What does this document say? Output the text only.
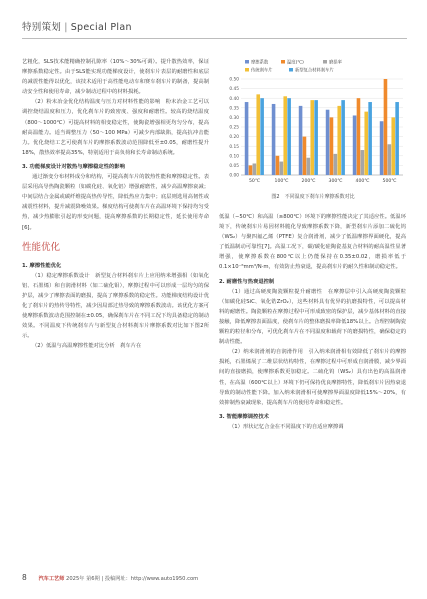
特别策划 | Special Plan

艺粗化，SLS技术能精确控制孔隙率（10%～30%可调）。提升散热效率，保证摩擦系数稳定性。由于SLS能实现功能梯度设计，使刹车片表层的耐磨性和底层的减震性能得以优化，该技术适用于高性能电动车和赛车刹车片的制备，提高制动安全性和使用寿命，减少制动过程中的材料损耗。

（2）粉末冶金优化结构温度与压力对材料性能的影响　粉末冶金工艺可以调控烧结温度和压力，优化刹车片的致密度、强度和耐磨性。较高的烧结温度（800～1000℃）可提高材料的相变稳定性，使陶瓷增强相更均匀分布，提高耐高温能力。适当调整压力（50～100 MPa）可减少内部缺陷，提高抗冲击能力。优化烧结工艺可使刹车片的摩擦系数波动范围降低至±0.05，耐磨性提升18%，散热效率提高35%，特别适用于高负荷和长寿命制动系统。

3. 功能梯度设计对散热与摩擦稳定性的影响

通过渐变分布材料成分和结构，可提高刹车片的散热性能和摩擦稳定性。表层采用高导热陶瓷颗粒（如碳化硅、氧化铝）增强耐磨性，减少高温摩擦衰减；中间层结合金属或碳纤维提高热传导性，降低热应力集中；底层则选用高韧性或减震性材料，提升减震降噪效果。梯度结构可使刹车片在高温环境下保持均匀受热，减少热膨胀引起的形变问题，提高摩擦系数的长期稳定性，延长使用寿命[6]。

性能优化

1. 摩擦性能优化

（1）稳定摩擦系数设计　新型复合材料刹车片上应用纳米增强相（如氧化铝、石墨烯）和自润滑材料（如二硫化钼），摩擦过程中可以形成一层均匀的保护层，减少了摩擦表面的磨损，提高了摩擦系数的稳定性。功能梯度结构设计优化了刹车片的热传导特性，减少因局部过热导致的摩擦系数波动。该优化方案可使摩擦系数波动范围控制在±0.05，确保刹车片在不同工况下均具备稳定的制动效果。不同温度下传统刹车片与新型复合材料刹车片摩擦系数对比如下图2所示。

（2）低温与高温摩擦性能对比分析　刹车片在

0.00
0.05
0.10
0.15
0.20
0.25
0.30
0.35
0.40
0.45
0.50
摩擦系数	温度(℃)	磨损率
传统刹车片	新型复合材料刹车片
50℃	100℃	200℃	300℃	400℃	500℃
图2　不同温度下刹车片摩擦系数对比

低温（−50℃）和高温（≥800℃）环境下的摩擦性能决定了其适应性。低温环境下，传统刹车片易因材料脆化导致摩擦系数下降，新型刹车片添加二硫化钨（WS₂）与聚四氟乙烯（PTFE）复合润滑剂，减少了低温摩擦界面硬化，提高了低温制动可靠性[7]。高温工况下，碳/碳化硅陶瓷基复合材料的耐高温性显著增强，使摩擦系数在800℃以上仍能保持在0.35±0.02，磨损率低于0.1×10⁻⁶mm³/N·m，有效防止热衰退，提高刹车片的耐久性和制动稳定性。

2. 耐磨性与热衰退控制

（1）通过高硬度陶瓷颗粒提升耐磨性　在摩擦层中引入高硬度陶瓷颗粒（如碳化硅SiC、氧化锆ZrO₂），这些材料具有优异的抗磨损特性，可以提高材料的耐磨性。陶瓷颗粒在摩擦过程中可形成致密的保护层，减少基体材料的直接接触，降低摩擦表面温度，使刹车片的整体磨损率降低18%以上。合理控制陶瓷颗粒的粒径和分布，可优化刹车片在不同温度和载荷下的磨损特性，确保稳定的制动性能。

（2）纳米润滑剂的自润滑作用　引入纳米润滑相有效降低了刹车片的摩擦损耗，石墨烯展了二维层状结构特性，在摩擦过程中可形成自润滑膜，减少界面间的直接磨损，使摩擦系数更加稳定。二硫化钨（WS₂）具有出色的高温润滑性，在高温（600℃以上）环境下仍可保持优良摩擦特性，降低刹车片因热衰退导致的制动性能下降。加入纳米润滑相可使摩擦界面温度降低15%～20%，有效抑制热衰减现象，提高刹车片的使用寿命和稳定性。

3. 智能摩擦调控技术

（1）形状记忆合金在不同温度下的自适应摩擦调

8 汽车工艺师 2025年 第6期 | 投稿网址：http://www.auto1950.com
